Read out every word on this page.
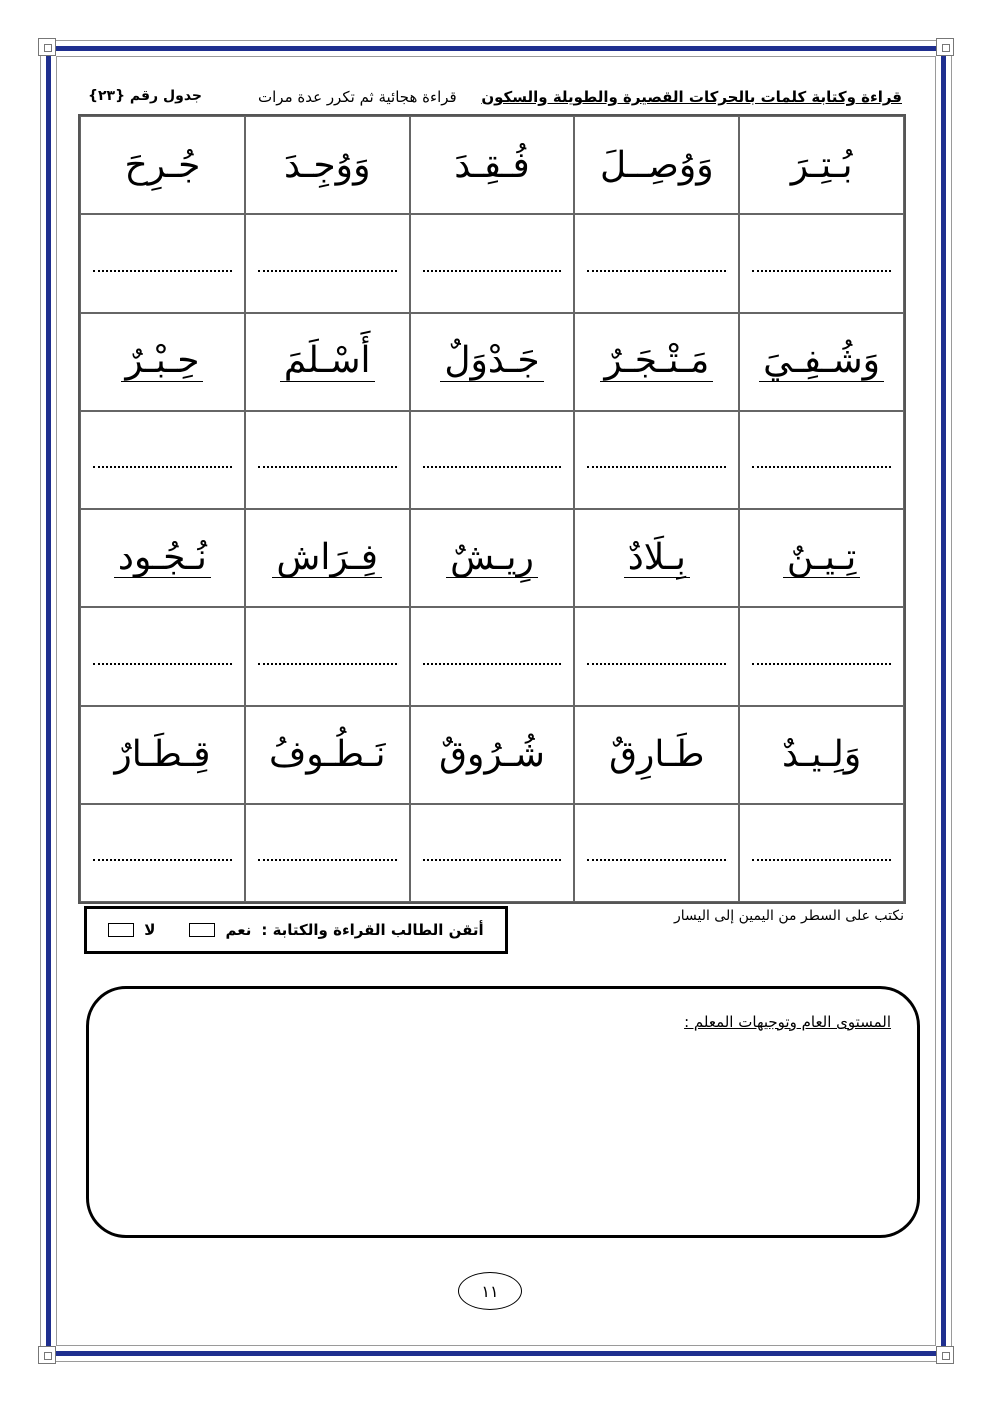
قراءة وكتابة كلمات بالحركات القصيرة والطويلة والسكون
قراءة هجائية ثم تكرر عدة مرات
جدول رقم {٢٣}
بُـتِـرَ
وَوُصِــلَ
فُـقِـدَ
وَوُجِـدَ
جُـرِحَ
وَشُـفِـيَ
مَـتْـجَـرٌ
جَـدْوَلٌ
أَسْـلَمَ
حِـبْـرٌ
تِـيـنٌ
بِـلَادٌ
رِيـشٌ
فِـرَاش
نُـجُـود
وَلِـيـدٌ
طَـارِقٌ
شُـرُوقٌ
نَـطُـوفُ
قِـطَـارٌ
نكتب على السطر من اليمين إلى اليسار
أتقن الطالب القراءة والكتابة :
نعم
لا
المستوى العام وتوجيهات المعلم :
١١
